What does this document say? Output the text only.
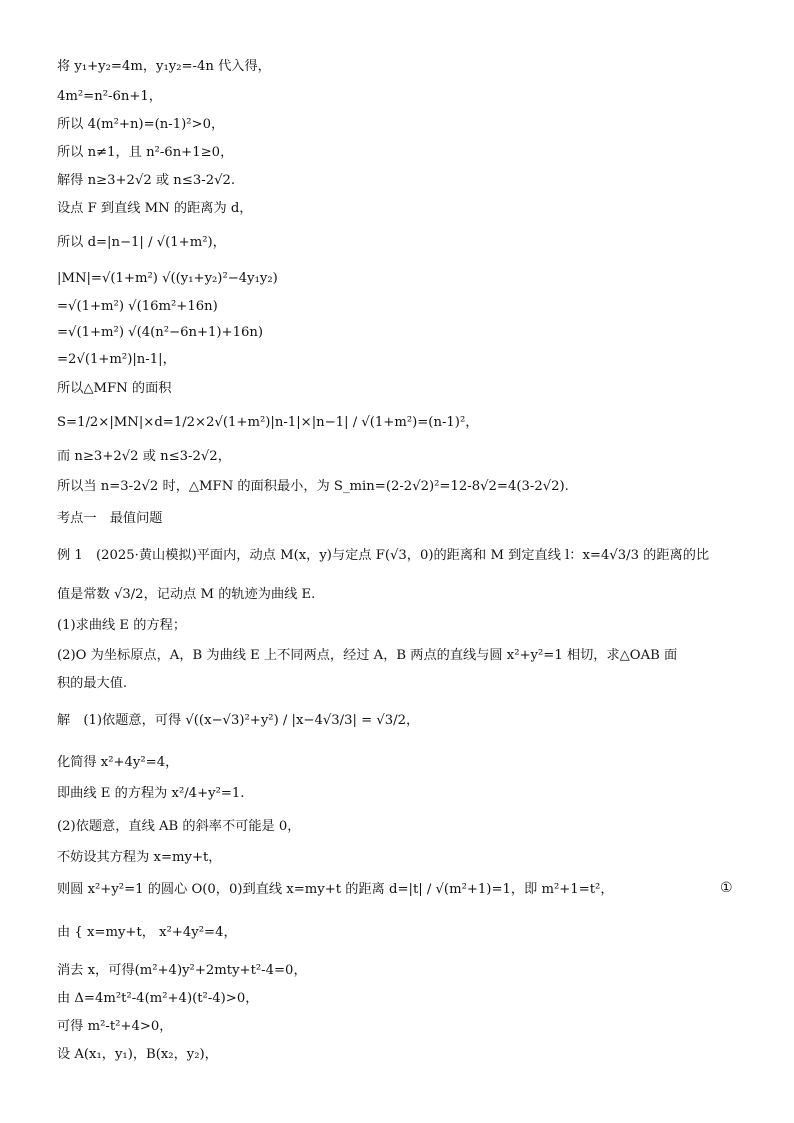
将 y₁+y₂=4m，y₁y₂=-4n 代入得，
4m²=n²-6n+1，
所以 4(m²+n)=(n-1)²>0，
所以 n≠1，且 n²-6n+1≥0，
解得 n≥3+2√2 或 n≤3-2√2.
设点 F 到直线 MN 的距离为 d，
所以 d=|n−1| / √(1+m²)，
|MN|=√(1+m²) √((y₁+y₂)²−4y₁y₂)
=√(1+m²) √(16m²+16n)
=√(1+m²) √(4(n²−6n+1)+16n)
=2√(1+m²)|n-1|，
所以△MFN 的面积
S=1/2×|MN|×d=1/2×2√(1+m²)|n-1|×|n−1| / √(1+m²)=(n-1)²，
而 n≥3+2√2 或 n≤3-2√2，
所以当 n=3-2√2 时，△MFN 的面积最小，为 S_min=(2-2√2)²=12-8√2=4(3-2√2).
考点一　最值问题
例 1　(2025·黄山模拟)平面内，动点 M(x，y)与定点 F(√3，0)的距离和 M 到定直线 l：x=4√3/3 的距离的比
值是常数 √3/2，记动点 M 的轨迹为曲线 E.
(1)求曲线 E 的方程；
(2)O 为坐标原点，A，B 为曲线 E 上不同两点，经过 A，B 两点的直线与圆 x²+y²=1 相切，求△OAB 面
积的最大值.
解　(1)依题意，可得 √((x−√3)²+y²) / |x−4√3/3| = √3/2，
化简得 x²+4y²=4，
即曲线 E 的方程为 x²/4+y²=1.
(2)依题意，直线 AB 的斜率不可能是 0，
不妨设其方程为 x=my+t，
则圆 x²+y²=1 的圆心 O(0，0)到直线 x=my+t 的距离 d=|t| / √(m²+1)=1，即 m²+1=t²，	①
由 { x=my+t， x²+4y²=4，
消去 x，可得(m²+4)y²+2mty+t²-4=0，
由 Δ=4m²t²-4(m²+4)(t²-4)>0，
可得 m²-t²+4>0，
设 A(x₁，y₁)，B(x₂，y₂)，
